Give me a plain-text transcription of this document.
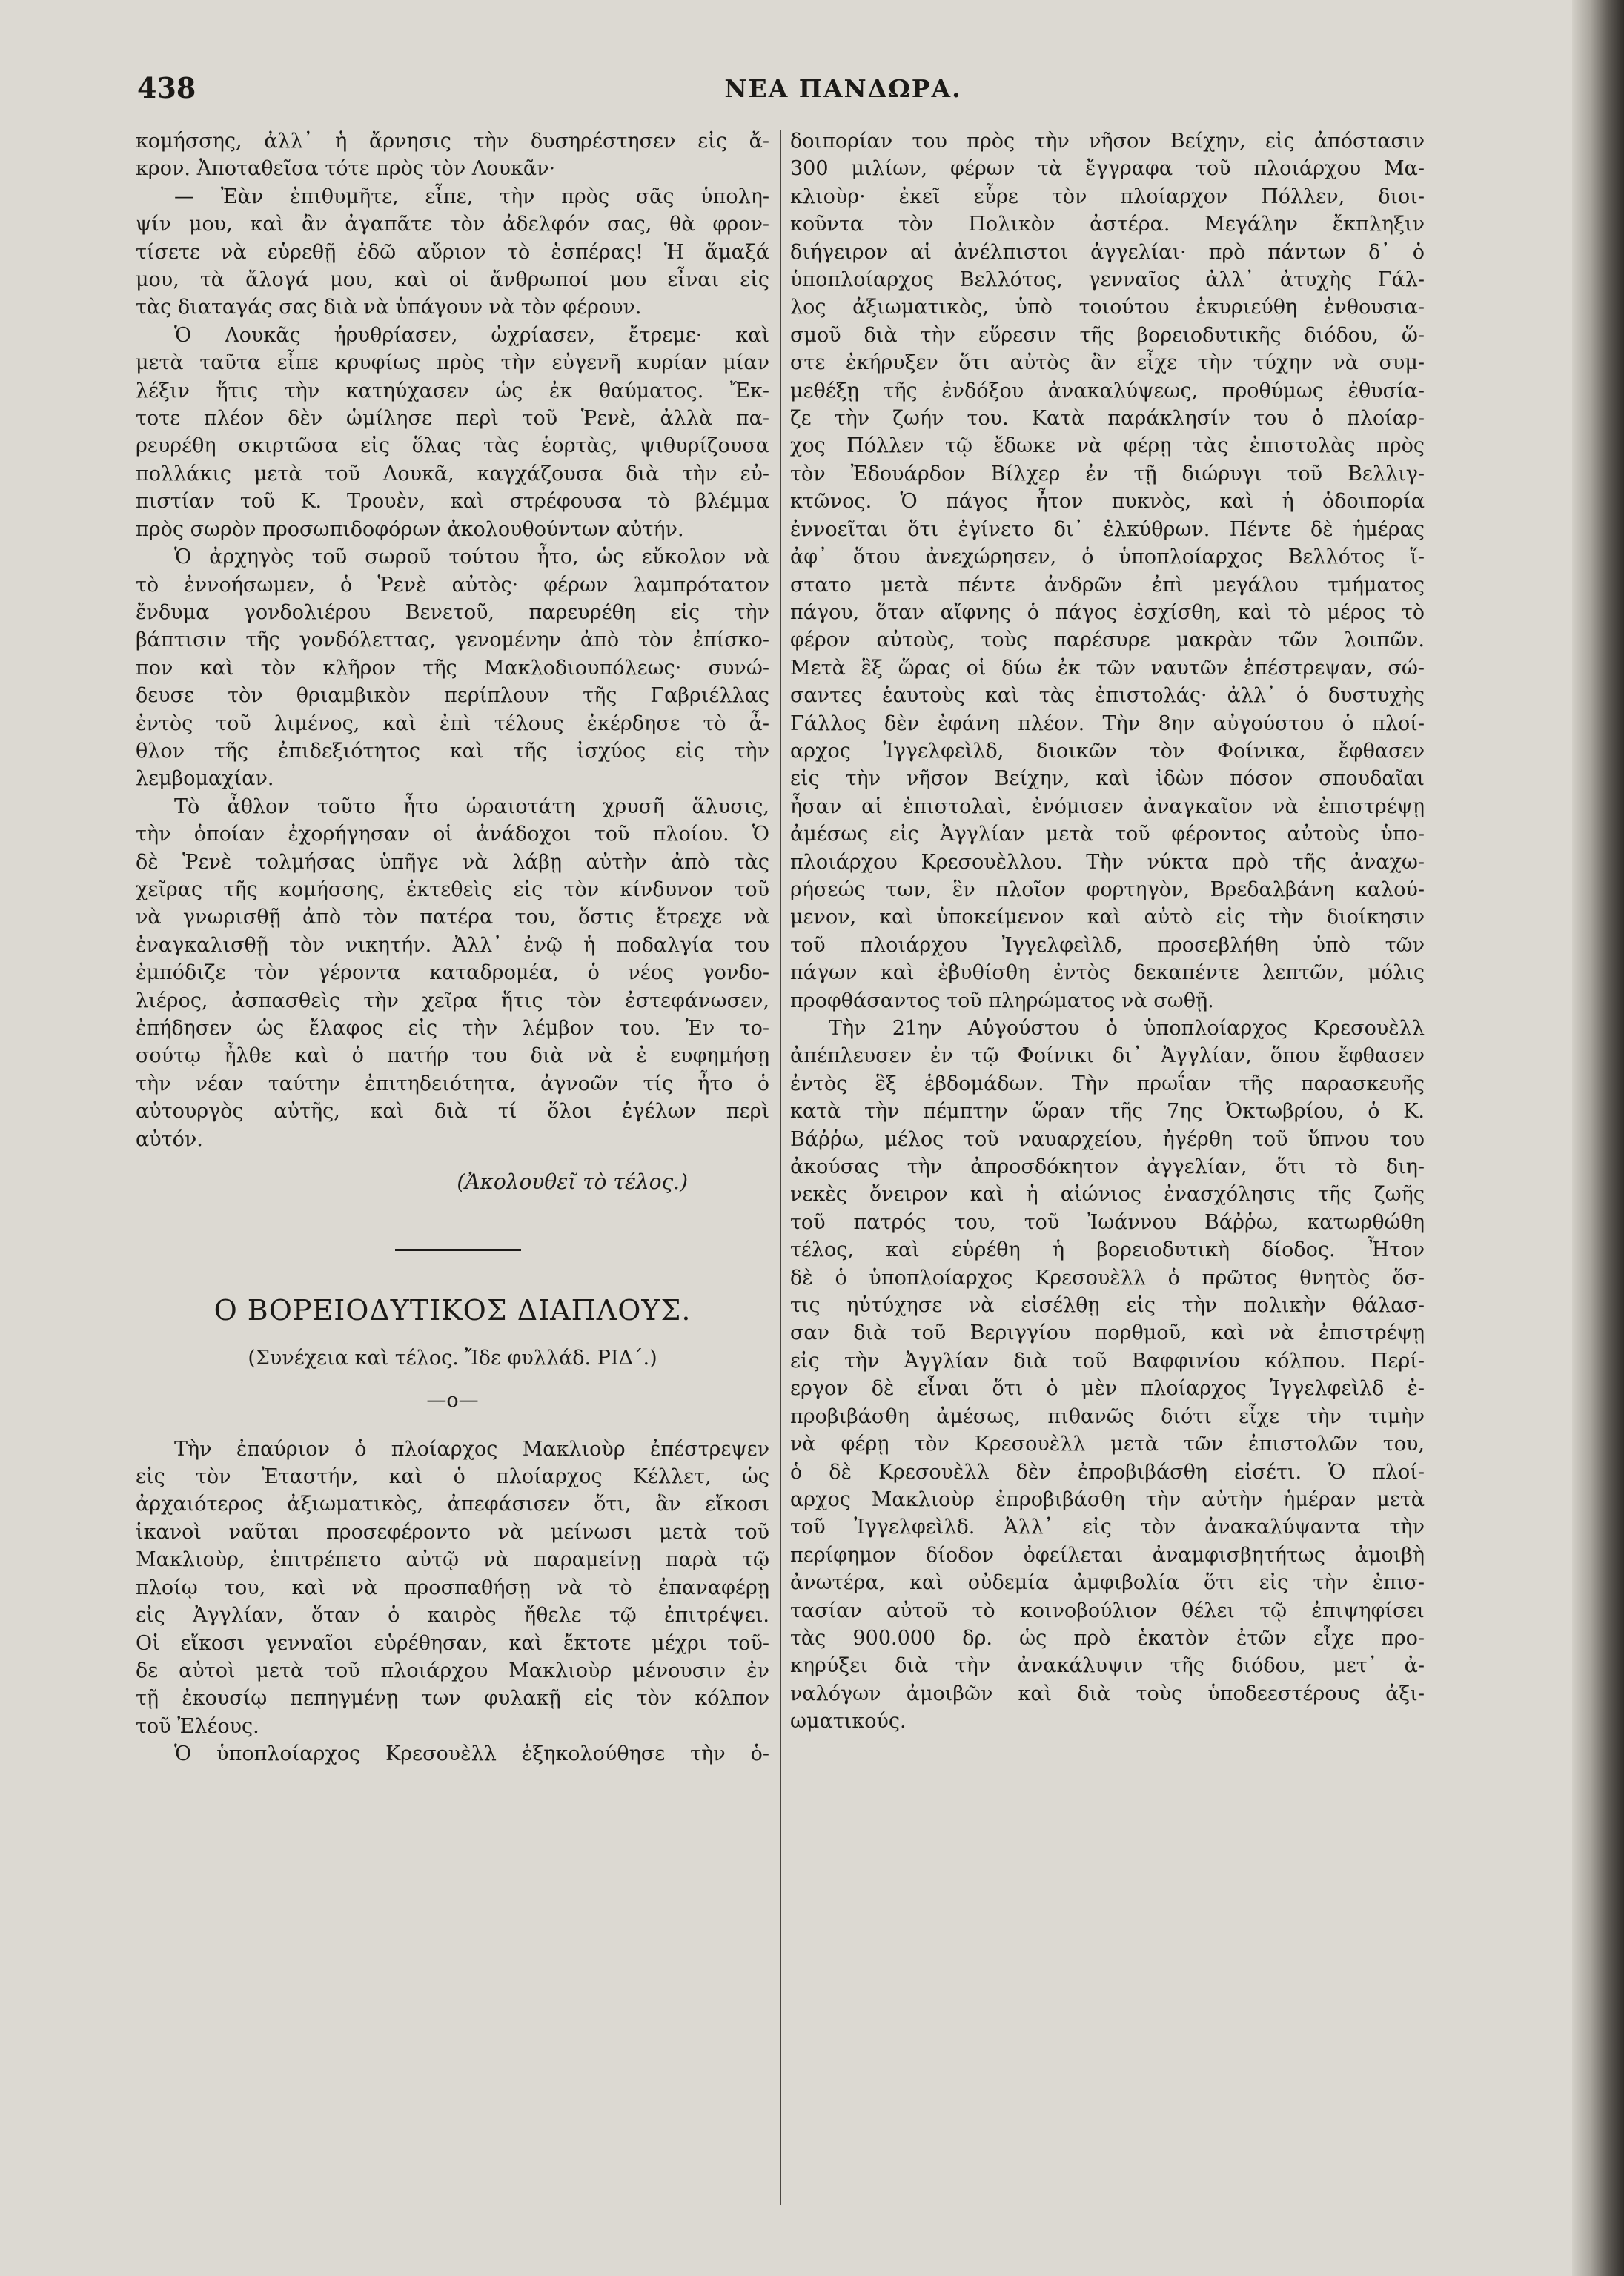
438	ΝΕΑ ΠΑΝΔΩΡΑ.

κομήσσης, ἀλλ᾽ ἡ ἄρνησις τὴν δυσηρέστησεν εἰς ἄ-
κρον. Ἀποταθεῖσα τότε πρὸς τὸν Λουκᾶν·

— Ἐὰν ἐπιθυμῆτε, εἶπε, τὴν πρὸς σᾶς ὑπολη-
ψίν μου, καὶ ἂν ἀγαπᾶτε τὸν ἀδελφόν σας, θὰ φρον-
τίσετε νὰ εὑρεθῇ ἐδῶ αὔριον τὸ ἑσπέρας! Ἡ ἅμαξά
μου, τὰ ἄλογά μου, καὶ οἱ ἄνθρωποί μου εἶναι εἰς
τὰς διαταγάς σας διὰ νὰ ὑπάγουν νὰ τὸν φέρουν.

Ὁ Λουκᾶς ἠρυθρίασεν, ὠχρίασεν, ἔτρεμε· καὶ
μετὰ ταῦτα εἶπε κρυφίως πρὸς τὴν εὐγενῆ κυρίαν μίαν
λέξιν ἥτις τὴν κατηύχασεν ὡς ἐκ θαύματος. Ἔκ-
τοτε πλέον δὲν ὡμίλησε περὶ τοῦ Ῥενὲ, ἀλλὰ πα-
ρευρέθη σκιρτῶσα εἰς ὅλας τὰς ἑορτὰς, ψιθυρίζουσα
πολλάκις μετὰ τοῦ Λουκᾶ, καγχάζουσα διὰ τὴν εὐ-
πιστίαν τοῦ Κ. Τρουὲν, καὶ στρέφουσα τὸ βλέμμα
πρὸς σωρὸν προσωπιδοφόρων ἀκολουθούντων αὐτήν.

Ὁ ἀρχηγὸς τοῦ σωροῦ τούτου ἦτο, ὡς εὔκολον νὰ
τὸ ἐννοήσωμεν, ὁ Ῥενὲ αὐτὸς· φέρων λαμπρότατον
ἔνδυμα γονδολιέρου Βενετοῦ, παρευρέθη εἰς τὴν
βάπτισιν τῆς γονδόλεττας, γενομένην ἀπὸ τὸν ἐπίσκο-
πον καὶ τὸν κλῆρον τῆς Μακλοδιουπόλεως· συνώ-
δευσε τὸν θριαμβικὸν περίπλουν τῆς Γαβριέλλας
ἐντὸς τοῦ λιμένος, καὶ ἐπὶ τέλους ἐκέρδησε τὸ ἆ-
θλον τῆς ἐπιδεξιότητος καὶ τῆς ἰσχύος εἰς τὴν
λεμβομαχίαν.

Τὸ ἆθλον τοῦτο ἦτο ὡραιοτάτη χρυσῆ ἅλυσις,
τὴν ὁποίαν ἐχορήγησαν οἱ ἀνάδοχοι τοῦ πλοίου. Ὁ
δὲ Ῥενὲ τολμήσας ὑπῆγε νὰ λάβῃ αὐτὴν ἀπὸ τὰς
χεῖρας τῆς κομήσσης, ἐκτεθεὶς εἰς τὸν κίνδυνον τοῦ
νὰ γνωρισθῇ ἀπὸ τὸν πατέρα του, ὅστις ἔτρεχε νὰ
ἐναγκαλισθῇ τὸν νικητήν. Ἀλλ᾽ ἐνῷ ἡ ποδαλγία του
ἐμπόδιζε τὸν γέροντα καταδρομέα, ὁ νέος γονδο-
λιέρος, ἀσπασθεὶς τὴν χεῖρα ἥτις τὸν ἐστεφάνωσεν,
ἐπήδησεν ὡς ἔλαφος εἰς τὴν λέμβον του. Ἐν το-
σούτῳ ἦλθε καὶ ὁ πατήρ του διὰ νὰ ἐ ευφημήσῃ
τὴν νέαν ταύτην ἐπιτηδειότητα, ἀγνοῶν τίς ἦτο ὁ
αὐτουργὸς αὐτῆς, καὶ διὰ τί ὅλοι ἐγέλων περὶ
αὐτόν.

(Ἀκολουθεῖ τὸ τέλος.)
Ο ΒΟΡΕΙΟΔΥΤΙΚΟΣ ΔΙΑΠΛΟΥΣ.
(Συνέχεια καὶ τέλος. Ἴδε φυλλάδ. ΡΙΔ΄.)
—ο—

Τὴν ἐπαύριον ὁ πλοίαρχος Μακλιοὺρ ἐπέστρεψεν
εἰς τὸν Ἐταστήν, καὶ ὁ πλοίαρχος Κέλλετ, ὡς
ἀρχαιότερος ἀξιωματικὸς, ἀπεφάσισεν ὅτι, ἂν εἴκοσι
ἱκανοὶ ναῦται προσεφέροντο νὰ μείνωσι μετὰ τοῦ
Μακλιοὺρ, ἐπιτρέπετο αὐτῷ νὰ παραμείνῃ παρὰ τῷ
πλοίῳ του, καὶ νὰ προσπαθήσῃ νὰ τὸ ἐπαναφέρῃ
εἰς Ἀγγλίαν, ὅταν ὁ καιρὸς ἤθελε τῷ ἐπιτρέψει.
Οἱ εἴκοσι γενναῖοι εὑρέθησαν, καὶ ἔκτοτε μέχρι τοῦ-
δε αὐτοὶ μετὰ τοῦ πλοιάρχου Μακλιοὺρ μένουσιν ἐν
τῇ ἐκουσίῳ πεπηγμένῃ των φυλακῇ εἰς τὸν κόλπον
τοῦ Ἐλέους.

Ὁ ὑποπλοίαρχος Κρεσουὲλλ ἐξηκολούθησε τὴν ὁ-

δοιπορίαν του πρὸς τὴν νῆσον Βείχην, εἰς ἀπόστασιν
300 μιλίων, φέρων τὰ ἔγγραφα τοῦ πλοιάρχου Μα-
κλιοὺρ· ἐκεῖ εὗρε τὸν πλοίαρχον Πόλλεν, διοι-
κοῦντα τὸν Πολικὸν ἀστέρα. Μεγάλην ἔκπληξιν
διήγειρον αἱ ἀνέλπιστοι ἀγγελίαι· πρὸ πάντων δ᾽ ὁ
ὑποπλοίαρχος Βελλότος, γενναῖος ἀλλ᾽ ἀτυχὴς Γάλ-
λος ἀξιωματικὸς, ὑπὸ τοιούτου ἐκυριεύθη ἐνθουσια-
σμοῦ διὰ τὴν εὕρεσιν τῆς βορειοδυτικῆς διόδου, ὥ-
στε ἐκήρυξεν ὅτι αὐτὸς ἂν εἶχε τὴν τύχην νὰ συμ-
μεθέξῃ τῆς ἐνδόξου ἀνακαλύψεως, προθύμως ἐθυσία-
ζε τὴν ζωήν του. Κατὰ παράκλησίν του ὁ πλοίαρ-
χος Πόλλεν τῷ ἔδωκε νὰ φέρῃ τὰς ἐπιστολὰς πρὸς
τὸν Ἐδουάρδον Βίλχερ ἐν τῇ διώρυγι τοῦ Βελλιγ-
κτῶνος. Ὁ πάγος ἦτον πυκνὸς, καὶ ἡ ὁδοιπορία
ἐννοεῖται ὅτι ἐγίνετο δι᾽ ἑλκύθρων. Πέντε δὲ ἡμέρας
ἀφ᾽ ὅτου ἀνεχώρησεν, ὁ ὑποπλοίαρχος Βελλότος ἵ-
στατο μετὰ πέντε ἀνδρῶν ἐπὶ μεγάλου τμήματος
πάγου, ὅταν αἴφνης ὁ πάγος ἐσχίσθη, καὶ τὸ μέρος τὸ
φέρον αὐτοὺς, τοὺς παρέσυρε μακρὰν τῶν λοιπῶν.
Μετὰ ἓξ ὥρας οἱ δύω ἐκ τῶν ναυτῶν ἐπέστρεψαν, σώ-
σαντες ἑαυτοὺς καὶ τὰς ἐπιστολάς· ἀλλ᾽ ὁ δυστυχὴς
Γάλλος δὲν ἐφάνη πλέον. Τὴν 8ην αὐγούστου ὁ πλοί-
αρχος Ἰγγελφεὶλδ, διοικῶν τὸν Φοίνικα, ἔφθασεν
εἰς τὴν νῆσον Βείχην, καὶ ἰδὼν πόσον σπουδαῖαι
ἦσαν αἱ ἐπιστολαὶ, ἐνόμισεν ἀναγκαῖον νὰ ἐπιστρέψῃ
ἀμέσως εἰς Ἀγγλίαν μετὰ τοῦ φέροντος αὐτοὺς ὑπο-
πλοιάρχου Κρεσουὲλλου. Τὴν νύκτα πρὸ τῆς ἀναχω-
ρήσεώς των, ἓν πλοῖον φορτηγὸν, Βρεδαλβάνη καλού-
μενον, καὶ ὑποκείμενον καὶ αὐτὸ εἰς τὴν διοίκησιν
τοῦ πλοιάρχου Ἰγγελφεὶλδ, προσεβλήθη ὑπὸ τῶν
πάγων καὶ ἐβυθίσθη ἐντὸς δεκαπέντε λεπτῶν, μόλις
προφθάσαντος τοῦ πληρώματος νὰ σωθῇ.

Τὴν 21ην Αὐγούστου ὁ ὑποπλοίαρχος Κρεσουὲλλ
ἀπέπλευσεν ἐν τῷ Φοίνικι δι᾽ Ἀγγλίαν, ὅπου ἔφθασεν
ἐντὸς ἓξ ἑβδομάδων. Τὴν πρωΐαν τῆς παρασκευῆς
κατὰ τὴν πέμπτην ὥραν τῆς 7ης Ὀκτωβρίου, ὁ Κ.
Βάῤῥω, μέλος τοῦ ναυαρχείου, ἠγέρθη τοῦ ὕπνου του
ἀκούσας τὴν ἀπροσδόκητον ἀγγελίαν, ὅτι τὸ διη-
νεκὲς ὄνειρον καὶ ἡ αἰώνιος ἐνασχόλησις τῆς ζωῆς
τοῦ πατρός του, τοῦ Ἰωάννου Βάῤῥω, κατωρθώθη
τέλος, καὶ εὑρέθη ἡ βορειοδυτικὴ δίοδος. Ἦτον
δὲ ὁ ὑποπλοίαρχος Κρεσουὲλλ ὁ πρῶτος θνητὸς ὅσ-
τις ηὐτύχησε νὰ εἰσέλθῃ εἰς τὴν πολικὴν θάλασ-
σαν διὰ τοῦ Βεριγγίου πορθμοῦ, καὶ νὰ ἐπιστρέψῃ
εἰς τὴν Ἀγγλίαν διὰ τοῦ Βαφφινίου κόλπου. Περί-
εργον δὲ εἶναι ὅτι ὁ μὲν πλοίαρχος Ἰγγελφεὶλδ ἐ-
προβιβάσθη ἀμέσως, πιθανῶς διότι εἶχε τὴν τιμὴν
νὰ φέρῃ τὸν Κρεσουὲλλ μετὰ τῶν ἐπιστολῶν του,
ὁ δὲ Κρεσουὲλλ δὲν ἐπροβιβάσθη εἰσέτι. Ὁ πλοί-
αρχος Μακλιοὺρ ἐπροβιβάσθη τὴν αὐτὴν ἡμέραν μετὰ
τοῦ Ἰγγελφεὶλδ. Ἀλλ᾽ εἰς τὸν ἀνακαλύψαντα τὴν
περίφημον δίοδον ὀφείλεται ἀναμφισβητήτως ἀμοιβὴ
ἀνωτέρα, καὶ οὐδεμία ἀμφιβολία ὅτι εἰς τὴν ἐπισ-
τασίαν αὐτοῦ τὸ κοινοβούλιον θέλει τῷ ἐπιψηφίσει
τὰς 900.000 δρ. ὡς πρὸ ἑκατὸν ἐτῶν εἶχε προ-
κηρύξει διὰ τὴν ἀνακάλυψιν τῆς διόδου, μετ᾽ ἀ-
ναλόγων ἀμοιβῶν καὶ διὰ τοὺς ὑποδεεστέρους ἀξι-
ωματικούς.
